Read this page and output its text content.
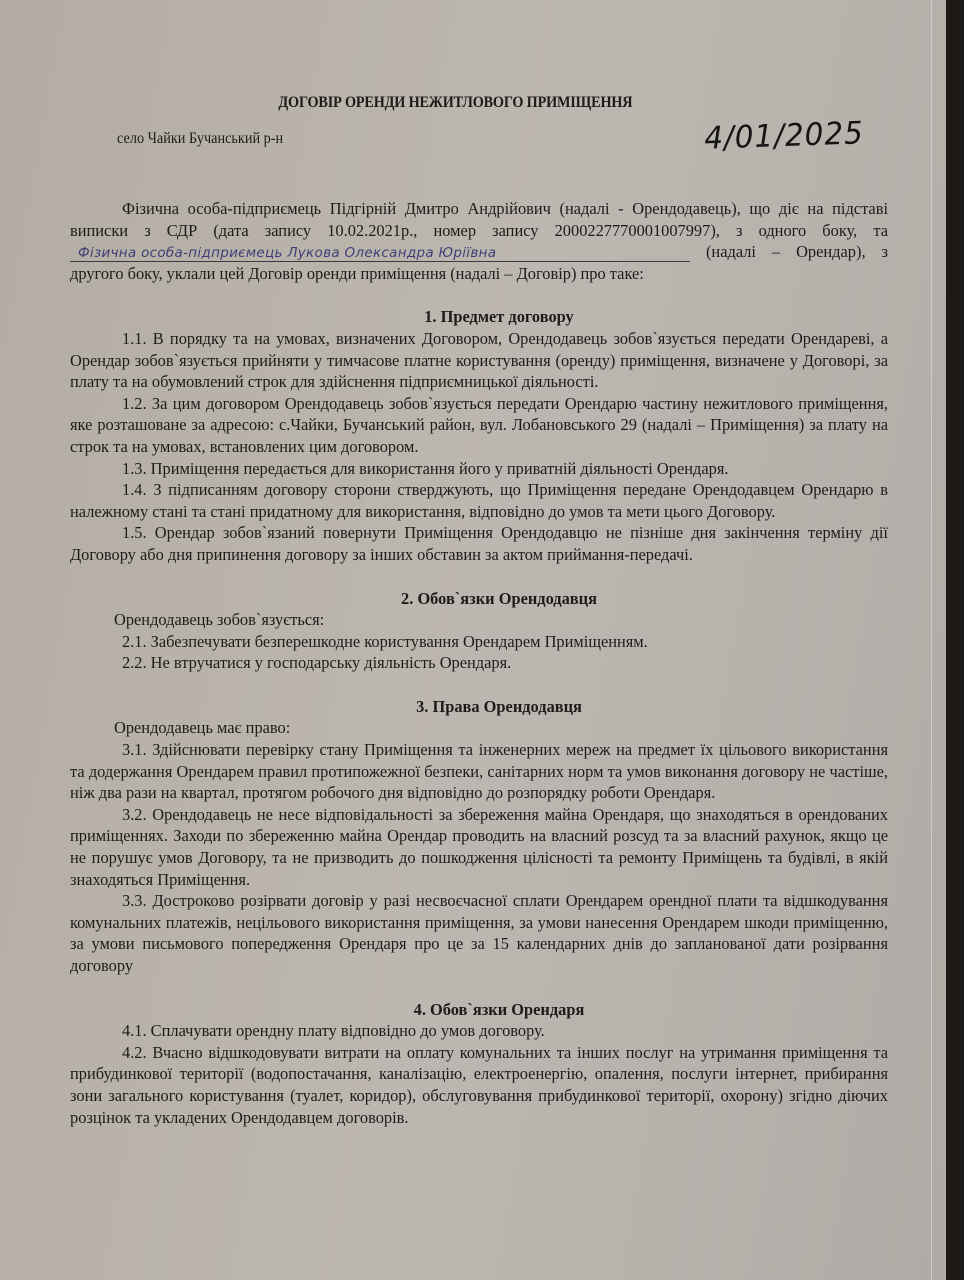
ДОГОВІР ОРЕНДИ НЕЖИТЛОВОГО ПРИМІЩЕННЯ
село Чайки Бучанський р-н	4/01/2025

Фізична особа-підприємець Підгірній Дмитро Андрійович (надалі - Орендодавець), що діє на підставі виписки з СДР (дата запису 10.02.2021р., номер запису 2000227770001007997), з одного боку, та Фізична особа-підприємець Лукова Олександра Юріївна	(надалі – Орендар), з другого боку, уклали цей Договір оренди приміщення (надалі – Договір) про таке:

1. Предмет договору

1.1. В порядку та на умовах, визначених Договором, Орендодавець зобов`язується передати Орендареві, а Орендар зобов`язується прийняти у тимчасове платне користування (оренду) приміщення, визначене у Договорі, за плату та на обумовлений строк для здійснення підприємницької діяльності.

1.2. За цим договором Орендодавець зобов`язується передати Орендарю частину нежитлового приміщення, яке розташоване за адресою: с.Чайки, Бучанський район, вул. Лобановського 29 (надалі – Приміщення) за плату на строк та на умовах, встановлених цим договором.

1.3. Приміщення передається для використання його у приватній діяльності Орендаря.

1.4. З підписанням договору сторони стверджують, що Приміщення передане Орендодавцем Орендарю в належному стані та стані придатному для використання, відповідно до умов та мети цього Договору.

1.5. Орендар зобов`язаний повернути Приміщення Орендодавцю не пізніше дня закінчення терміну дії Договору або дня припинення договору за інших обставин за актом приймання-передачі.

2. Обов`язки Орендодавця

Орендодавець зобов`язується:

2.1. Забезпечувати безперешкодне користування Орендарем Приміщенням.

2.2. Не втручатися у господарську діяльність Орендаря.

3. Права Орендодавця

Орендодавець має право:

3.1. Здійснювати перевірку стану Приміщення та інженерних мереж на предмет їх цільового використання та додержання Орендарем правил протипожежної безпеки, санітарних норм та умов виконання договору не частіше, ніж два рази на квартал, протягом робочого дня відповідно до розпорядку роботи Орендаря.

3.2. Орендодавець не несе відповідальності за збереження майна Орендаря, що знаходяться в орендованих приміщеннях. Заходи по збереженню майна Орендар проводить на власний розсуд та за власний рахунок, якщо це не порушує умов Договору, та не призводить до пошкодження цілісності та ремонту Приміщень та будівлі, в якій знаходяться Приміщення.

3.3. Достроково розірвати договір у разі несвоєчасної сплати Орендарем орендної плати та відшкодування комунальних платежів, нецільового використання приміщення, за умови нанесення Орендарем шкоди приміщенню, за умови письмового попередження Орендаря про це за 15 календарних днів до запланованої дати розірвання договору

4. Обов`язки Орендаря

4.1. Сплачувати орендну плату відповідно до умов договору.

4.2. Вчасно відшкодовувати витрати на оплату комунальних та інших послуг на утримання приміщення та прибудинкової території (водопостачання, каналізацію, електроенергію, опалення, послуги інтернет, прибирання зони загального користування (туалет, коридор), обслуговування прибудинкової території, охорону) згідно діючих розцінок та укладених Орендодавцем договорів.
